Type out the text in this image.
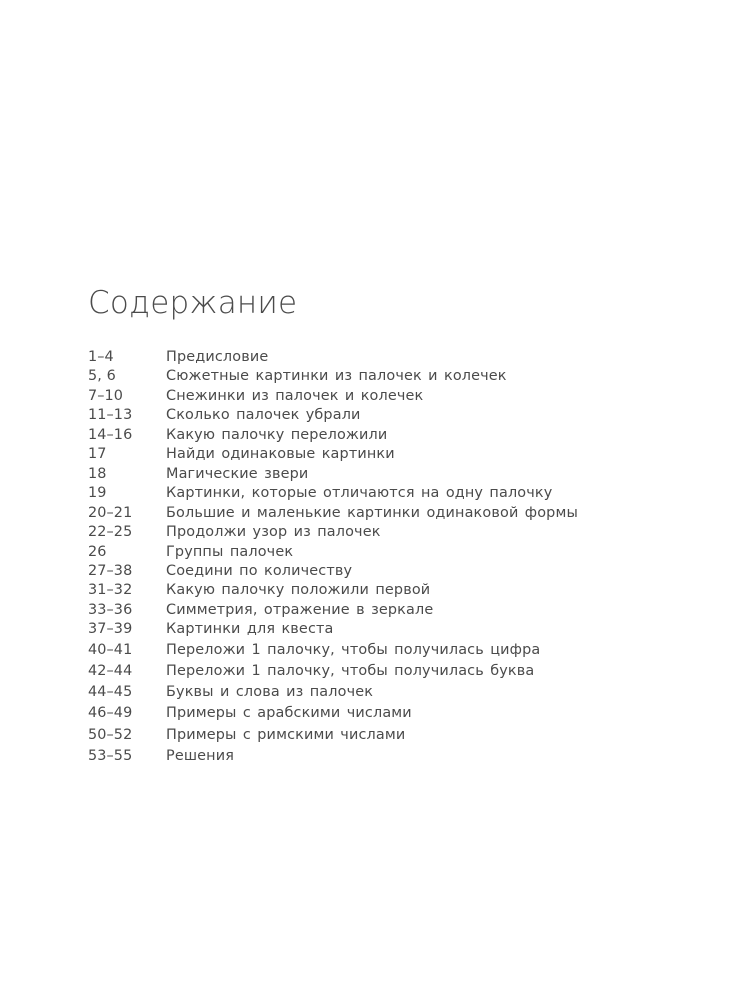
Содержание
1–4	Предисловие
5, 6	Сюжетные картинки из палочек и колечек
7–10	Снежинки из палочек и колечек
11–13	Сколько палочек убрали
14–16	Какую палочку переложили
17	Найди одинаковые картинки
18	Магические звери
19	Картинки, которые отличаются на одну палочку
20–21	Большие и маленькие картинки одинаковой формы
22–25	Продолжи узор из палочек
26	Группы палочек
27–38	Соедини по количеству
31–32	Какую палочку положили первой
33–36	Симметрия, отражение в зеркале
37–39	Картинки для квеста
40–41	Переложи 1 палочку, чтобы получилась цифра
42–44	Переложи 1 палочку, чтобы получилась буква
44–45	Буквы и слова из палочек
46–49	Примеры с арабскими числами
50–52	Примеры с римскими числами
53–55	Решения
